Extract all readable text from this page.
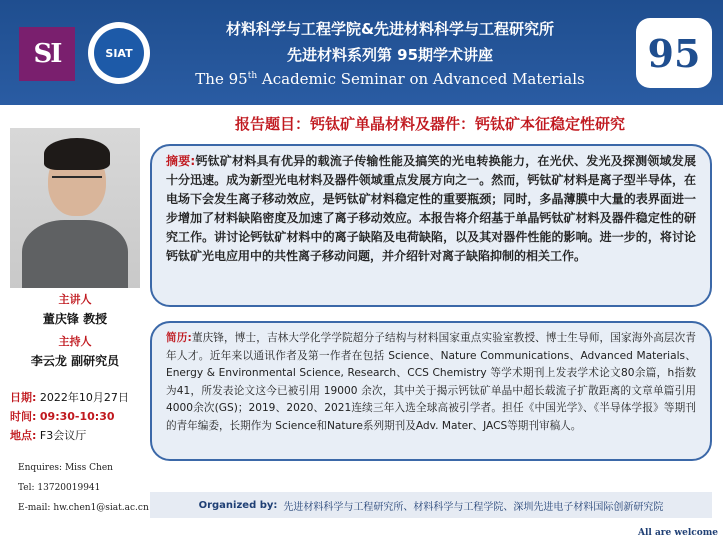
SI	SIAT
材料科学与工程学院&先进材料科学与工程研究所
先进材料系列第 95期学术讲座
The 95th Academic Seminar on Advanced Materials
95
报告题目：钙钛矿单晶材料及器件：钙钛矿本征稳定性研究
主讲人
董庆锋 教授
主持人
李云龙 副研究员
日期: 2022年10月27日
时间: 09:30-10:30
地点: F3会议厅
Enquires: Miss Chen
Tel: 13720019941
E-mail: hw.chen1@siat.ac.cn
摘要:钙钛矿材料具有优异的载流子传输性能及搞笑的光电转换能力，在光伏、发光及探测领域发展十分迅速。成为新型光电材料及器件领域重点发展方向之一。然而，钙钛矿材料是离子型半导体，在电场下会发生离子移动效应，是钙钛矿材料稳定性的重要瓶颈；同时，多晶薄膜中大量的表界面进一步增加了材料缺陷密度及加速了离子移动效应。本报告将介绍基于单晶钙钛矿材料及器件稳定性的研究工作。讲讨论钙钛矿材料中的离子缺陷及电荷缺陷，以及其对器件性能的影响。进一步的，将讨论钙钛矿光电应用中的共性离子移动问题，并介绍针对离子缺陷抑制的相关工作。
简历:董庆锋，博士，吉林大学化学学院超分子结构与材料国家重点实验室教授、博士生导师，国家海外高层次青年人才。近年来以通讯作者及第一作者在包括 Science、Nature Communications、Advanced Materials、Energy & Environmental Science, Research、CCS Chemistry 等学术期刊上发表学术论文80余篇，h指数为41，所发表论文这今已被引用 19000 余次，其中关于揭示钙钛矿单晶中超长载流子扩散距离的文章单篇引用4000余次(GS)；2019、2020、2021连续三年入选全球高被引学者。担任《中国光学》、《半导体学报》等期刊的青年编委，长期作为 Science和Nature系列期刊及Adv. Mater、JACS等期刊审稿人。
Organized by: 先进材料科学与工程研究所、材料科学与工程学院、深圳先进电子材料国际创新研究院
All are welcome
